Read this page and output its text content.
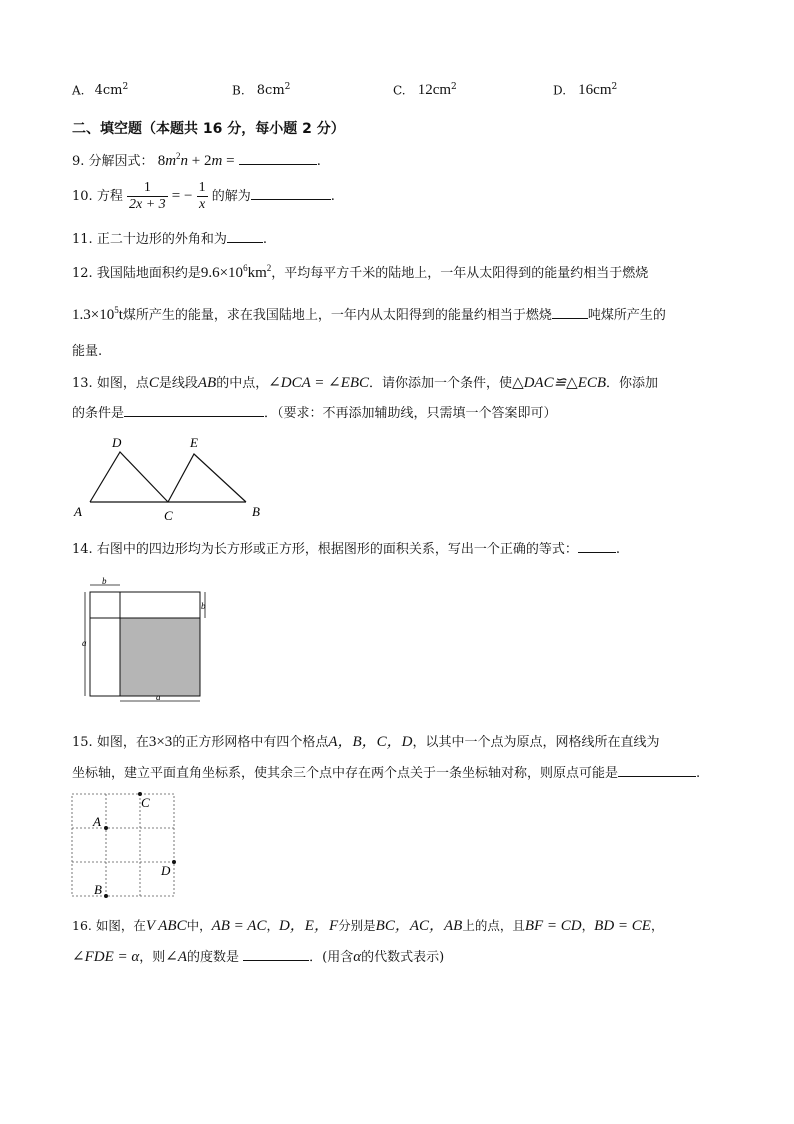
A. $4cm^2$	B. $8cm^2$	C. $12cm^2$	D. $16cm^2$
二、填空题（本题共 16 分，每小题 2 分）
9. 分解因式： $8m^2n + 2m$ =	.
10. 方程 $\frac{1}{2x + 3}$ = − $\frac{1}{x}$ 的解为	.
11. 正二十边形的外角和为	.
12. 我国陆地面积约是$9.6\times 10^6km^2$，平均每平方千米的陆地上，一年从太阳得到的能量约相当于燃烧
$1.3\times 10^5t$煤所产生的能量，求在我国陆地上，一年内从太阳得到的能量约相当于燃烧	吨煤所产生的
能量.
13. 如图，点C是线段AB的中点，∠DCA = ∠EBC．请你添加一个条件，使△DAC≌△ECB．你添加
的条件是	．（要求：不再添加辅助线，只需填一个答案即可）
D	E
A	C	B
14. 右图中的四边形均为长方形或正方形，根据图形的面积关系，写出一个正确的等式：	.
b
b
a
a
15. 如图，在3×3的正方形网格中有四个格点A，B，C，D，以其中一个点为原点，网格线所在直线为
坐标轴，建立平面直角坐标系，使其余三个点中存在两个点关于一条坐标轴对称，则原点可能是	.
A
B
C
D
16. 如图，在V ABC中，AB = AC，D，E，F分别是BC，AC，AB上的点，且BF = CD，BD = CE，
∠FDE = α，则∠A的度数是	．(用含α的代数式表示)
